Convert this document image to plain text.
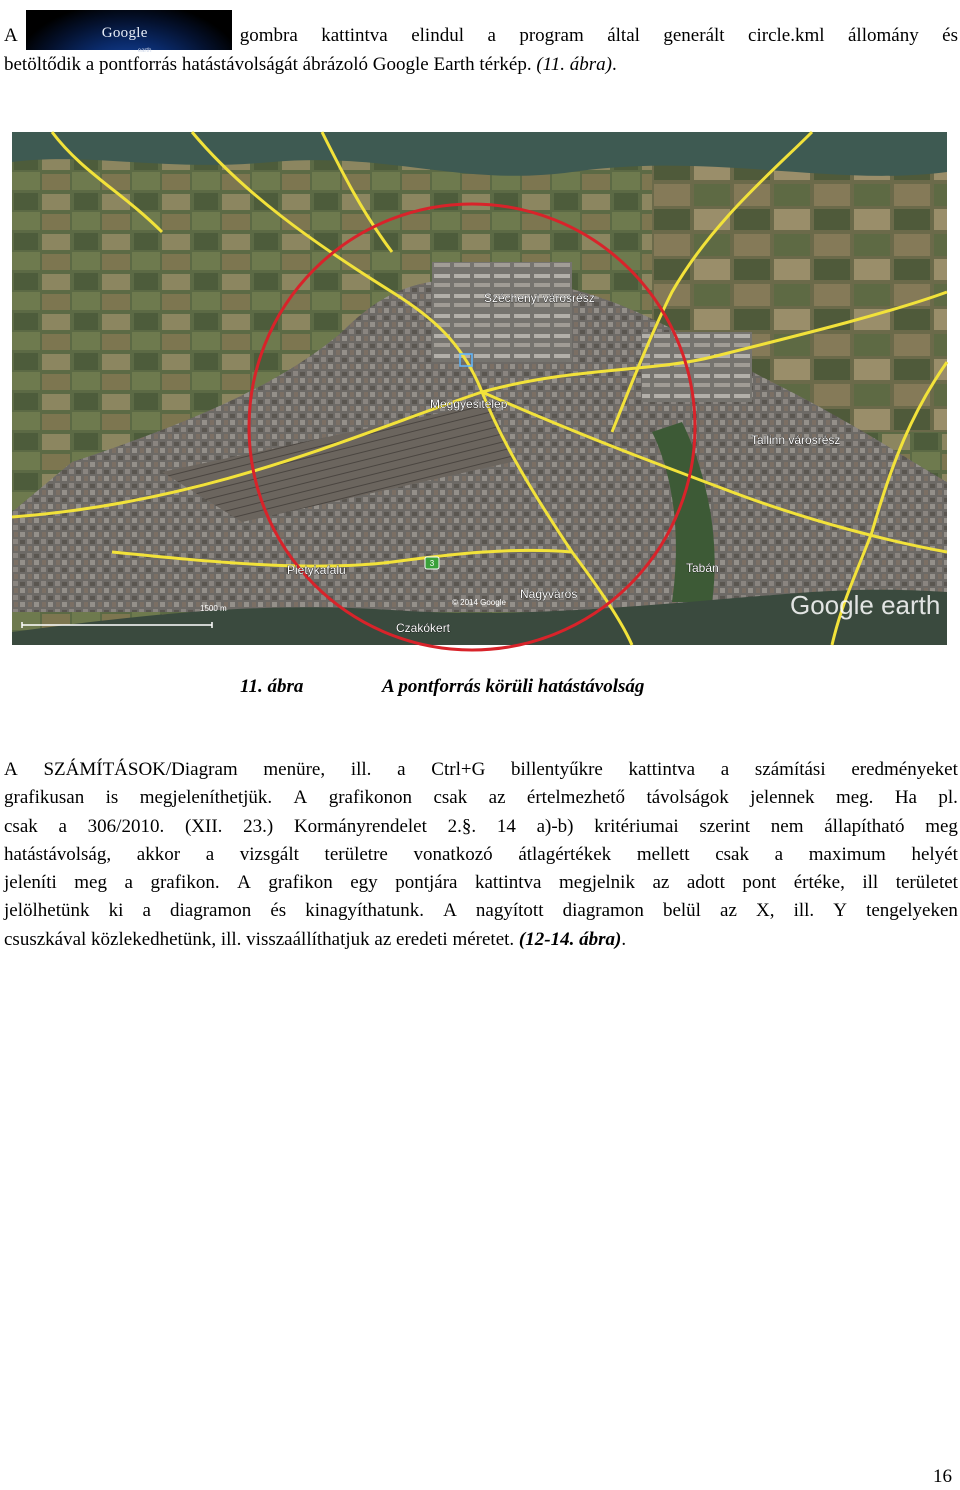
A	Google
earth
gombra kattintva elindul a program által generált circle.kml állomány és
betöltődik a pontforrás hatástávolságát ábrázoló Google Earth térkép. (11. ábra).
Széchenyi városrész
Meggyesitelep
Tallinn városrész
Pietykafalu	Tabán
Nagyváros
Czakókert
3
1500 m
© 2014 Google	Google earth
11. ábra	A pontforrás körüli hatástávolság
A SZÁMÍTÁSOK/Diagram menüre, ill. a Ctrl+G billentyűkre kattintva a számítási eredményeket
grafikusan is megjeleníthetjük. A grafikonon csak az értelmezhető távolságok jelennek meg. Ha pl.
csak a 306/2010. (XII. 23.) Kormányrendelet 2.§. 14 a)-b) kritériumai szerint nem állapítható meg
hatástávolság, akkor a vizsgált területre vonatkozó átlagértékek mellett csak a maximum helyét
jeleníti meg a grafikon. A grafikon egy pontjára kattintva megjelnik az adott pont értéke, ill területet
jelölhetünk ki a diagramon és kinagyíthatunk. A nagyított diagramon belül az X, ill. Y tengelyeken
csuszkával közlekedhetünk, ill. visszaállíthatjuk az eredeti méretet. (12-14. ábra) .
16
